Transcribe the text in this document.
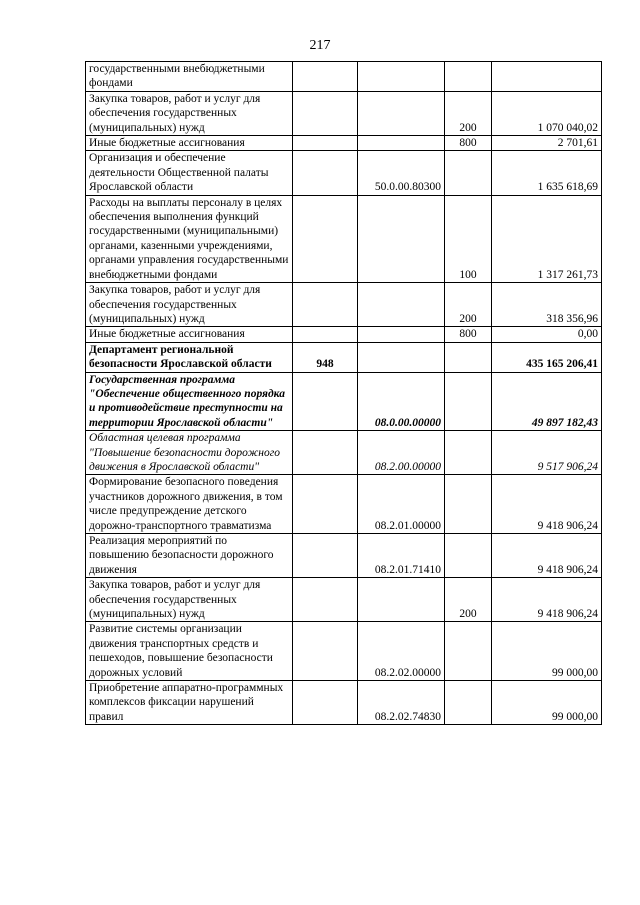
217
государственными внебюджетными фондами				
Закупка товаров, работ и услуг для обеспечения государственных (муниципальных) нужд			200	1 070 040,02
Иные бюджетные ассигнования			800	2 701,61
Организация и обеспечение деятельности Общественной палаты Ярославской области		50.0.00.80300		1 635 618,69
Расходы на выплаты персоналу в целях обеспечения выполнения функций государственными (муниципальными) органами, казенными учреждениями, органами управления государственными внебюджетными фондами			100	1 317 261,73
Закупка товаров, работ и услуг для обеспечения государственных (муниципальных) нужд			200	318 356,96
Иные бюджетные ассигнования			800	0,00
Департамент региональной безопасности Ярославской области	948			435 165 206,41
Государственная программа "Обеспечение общественного порядка и противодействие преступности на территории Ярославской области"		08.0.00.00000		49 897 182,43
Областная целевая программа "Повышение безопасности дорожного движения в Ярославской области"		08.2.00.00000		9 517 906,24
Формирование безопасного поведения участников дорожного движения, в том числе предупреждение детского дорожно-транспортного травматизма		08.2.01.00000		9 418 906,24
Реализация мероприятий по повышению безопасности дорожного движения		08.2.01.71410		9 418 906,24
Закупка товаров, работ и услуг для обеспечения государственных (муниципальных) нужд			200	9 418 906,24
Развитие системы организации движения транспортных средств и пешеходов, повышение безопасности дорожных условий		08.2.02.00000		99 000,00
Приобретение аппаратно-программных комплексов фиксации нарушений правил		08.2.02.74830		99 000,00
